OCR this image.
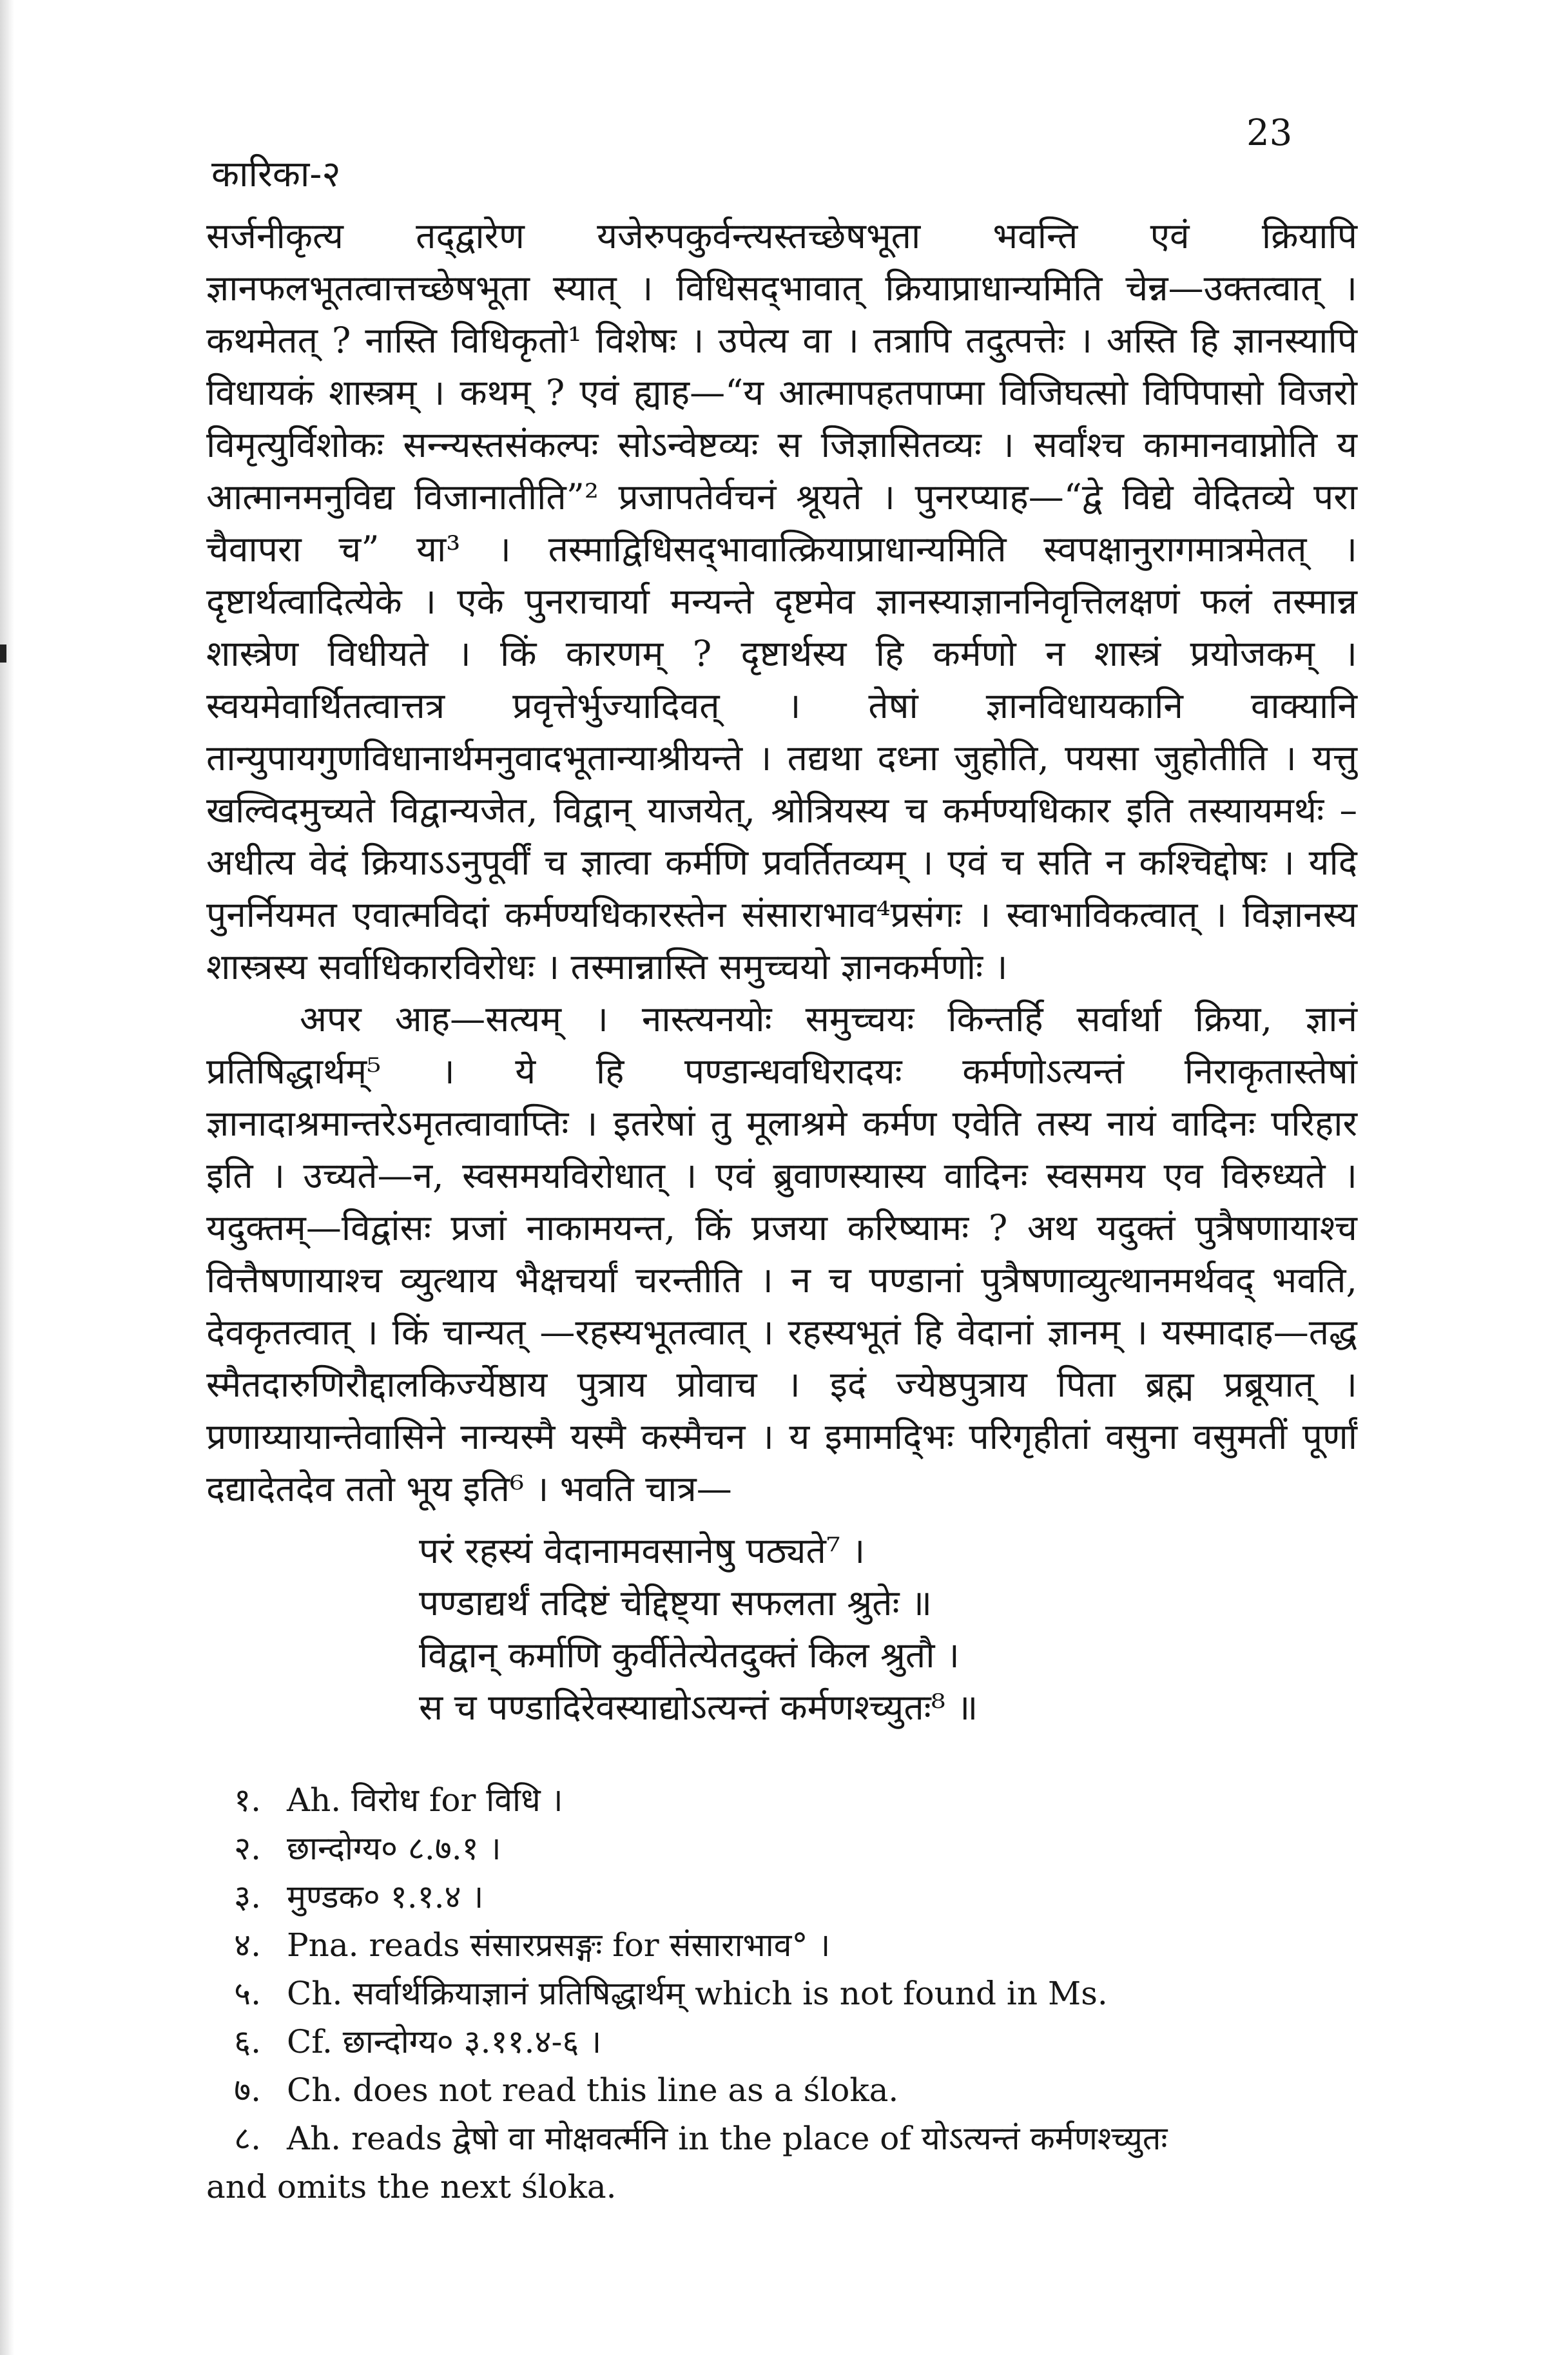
कारिका-२
23

सर्जनीकृत्य तद्‍द्वारेण यजेरुपकुर्वन्त्यस्तच्छेषभूता भवन्ति एवं क्रियापि ज्ञानफलभूतत्वात्तच्छेषभूता स्यात् । विधिसद्‍भावात् क्रियाप्राधान्यमिति चेन्न—उक्तत्वात् । कथमेतत् ? नास्ति विधिकृतो¹ विशेषः । उपेत्य वा । तत्रापि तदुत्पत्तेः । अस्ति हि ज्ञानस्यापि विधायकं शास्त्रम् । कथम् ? एवं ह्याह—“य आत्मापहतपाप्मा विजिघत्सो विपिपासो विजरो विमृत्युर्विशोकः सन्न्यस्तसंकल्पः सोऽन्वेष्टव्यः स जिज्ञासितव्यः । सर्वांश्च कामानवाप्नोति य आत्मानमनुविद्य विजानातीति”² प्रजापतेर्वचनं श्रूयते । पुनरप्याह—“द्वे विद्ये वेदितव्ये परा चैवापरा च” या³ । तस्माद्विधिसद्‍भावात्क्रियाप्राधान्यमिति स्वपक्षानुरागमात्रमेतत् । दृष्टार्थत्वादित्येके । एके पुनराचार्या मन्यन्ते दृष्टमेव ज्ञानस्याज्ञाननिवृत्तिलक्षणं फलं तस्मान्न शास्त्रेण विधीयते । किं कारणम् ? दृष्टार्थस्य हि कर्मणो न शास्त्रं प्रयोजकम् । स्वयमेवार्थितत्वात्तत्र प्रवृत्तेर्भुज्यादिवत् । तेषां ज्ञानविधायकानि वाक्यानि तान्युपायगुणविधानार्थमनुवादभूतान्याश्रीयन्ते । तद्यथा दध्ना जुहोति, पयसा जुहोतीति । यत्तु खल्विदमुच्यते विद्वान्यजेत, विद्वान् याजयेत्, श्रोत्रियस्य च कर्मण्यधिकार इति तस्यायमर्थः –अधीत्य वेदं क्रियाऽऽनुपूर्वीं च ज्ञात्वा कर्मणि प्रवर्तितव्यम् । एवं च सति न कश्चिद्दोषः । यदि पुनर्नियमत एवात्मविदां कर्मण्यधिकारस्तेन संसाराभाव⁴प्रसंगः । स्वाभाविकत्वात् । विज्ञानस्य शास्त्रस्य सर्वाधिकारविरोधः । तस्मान्नास्ति समुच्चयो ज्ञानकर्मणोः ।

अपर आह—सत्यम् । नास्त्यनयोः समुच्चयः किन्तर्हि सर्वार्था क्रिया, ज्ञानं प्रतिषिद्धार्थम्⁵ । ये हि पण्डान्धवधिरादयः कर्मणोऽत्यन्तं निराकृतास्तेषां ज्ञानादाश्रमान्तरेऽमृतत्वावाप्तिः । इतरेषां तु मूलाश्रमे कर्मण एवेति तस्य नायं वादिनः परिहार इति । उच्यते—न, स्वसमयविरोधात् । एवं ब्रुवाणस्यास्य वादिनः स्वसमय एव विरुध्यते । यदुक्तम्—विद्वांसः प्रजां नाकामयन्त, किं प्रजया करिष्यामः ? अथ यदुक्तं पुत्रैषणायाश्च वित्तैषणायाश्च व्युत्थाय भैक्षचर्यां चरन्तीति । न च पण्डानां पुत्रैषणाव्युत्थानमर्थवद् भवति, देवकृतत्वात् । किं चान्यत् —रहस्यभूतत्वात् । रहस्यभूतं हि वेदानां ज्ञानम् । यस्मादाह—तद्ध स्मैतदारुणिरौद्दालकिर्ज्येष्ठाय पुत्राय प्रोवाच । इदं ज्येष्ठपुत्राय पिता ब्रह्म प्रब्रूयात् । प्रणाय्यायान्तेवासिने नान्यस्मै यस्मै कस्मैचन । य इमामद्‍भिः परिगृहीतां वसुना वसुमतीं पूर्णां दद्यादेतदेव ततो भूय इति⁶ । भवति चात्र—

परं रहस्यं वेदानामवसानेषु पठ्यते⁷ ।
पण्डाद्यर्थं तदिष्टं चेद्दिष्ट्या सफलता श्रुतेः ॥
विद्वान् कर्माणि कुर्वीतेत्येतदुक्तं किल श्रुतौ ।
स च पण्डादिरेवस्याद्योऽत्यन्तं कर्मणश्च्युतः⁸ ॥
१. Ah. विरोध for विधि ।
२. छान्दोग्य० ८.७.१ ।
३. मुण्डक० १.१.४ ।
४. Pna. reads संसारप्रसङ्गः for संसाराभाव° ।
५. Ch. सर्वार्थक्रियाज्ञानं प्रतिषिद्धार्थम् which is not found in Ms.
६. Cf. छान्दोग्य० ३.११.४-६ ।
७. Ch. does not read this line as a śloka.
८. Ah. reads द्वेषो वा मोक्षवर्त्मनि in the place of योऽत्यन्तं कर्मणश्च्युतः
and omits the next śloka.
